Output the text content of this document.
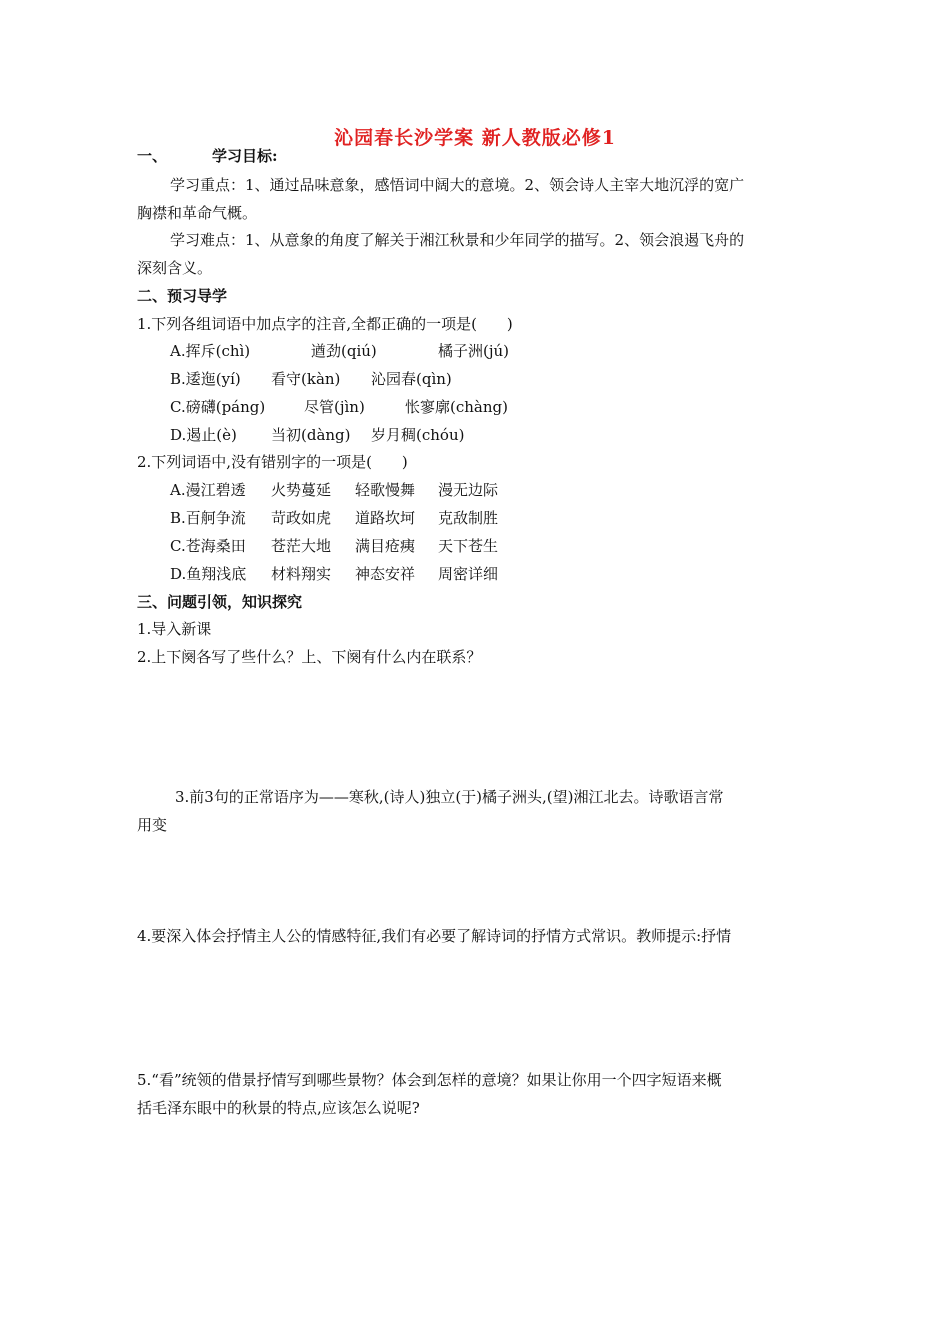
沁园春长沙学案 新人教版必修1
一、	学习目标:
学习重点：1、通过品味意象，感悟词中阔大的意境。2、领会诗人主宰大地沉浮的宽广
胸襟和革命气概。
学习难点：1、从意象的角度了解关于湘江秋景和少年同学的描写。2、领会浪遏飞舟的
深刻含义。
二、预习导学
1.下列各组词语中加点字的注音,全都正确的一项是(　　)
A.挥斥(chì)	遒劲(qiú)	橘子洲(jú)
B.逶迤(yí) 看守(kàn) 沁园春(qìn)
C.磅礴(páng)	尽管(jìn)	怅寥廓(chàng)
D.遏止(è) 当初(dàng) 岁月稠(chóu)
2.下列词语中,没有错别字的一项是(　　)
A.漫江碧透 火势蔓延 轻歌慢舞 漫无边际
B.百舸争流 苛政如虎 道路坎坷 克敌制胜
C.苍海桑田 苍茫大地 满目疮痍 天下苍生
D.鱼翔浅底 材料翔实 神态安祥 周密详细
三、问题引领，知识探究
1.导入新课
2.上下阕各写了些什么？上、下阕有什么内在联系？
3.前3句的正常语序为——寒秋,(诗人)独立(于)橘子洲头,(望)湘江北去。诗歌语言常
用变
4.要深入体会抒情主人公的情感特征,我们有必要了解诗词的抒情方式常识。教师提示:抒情
5.“看”统领的借景抒情写到哪些景物？体会到怎样的意境？如果让你用一个四字短语来概
括毛泽东眼中的秋景的特点,应该怎么说呢?
